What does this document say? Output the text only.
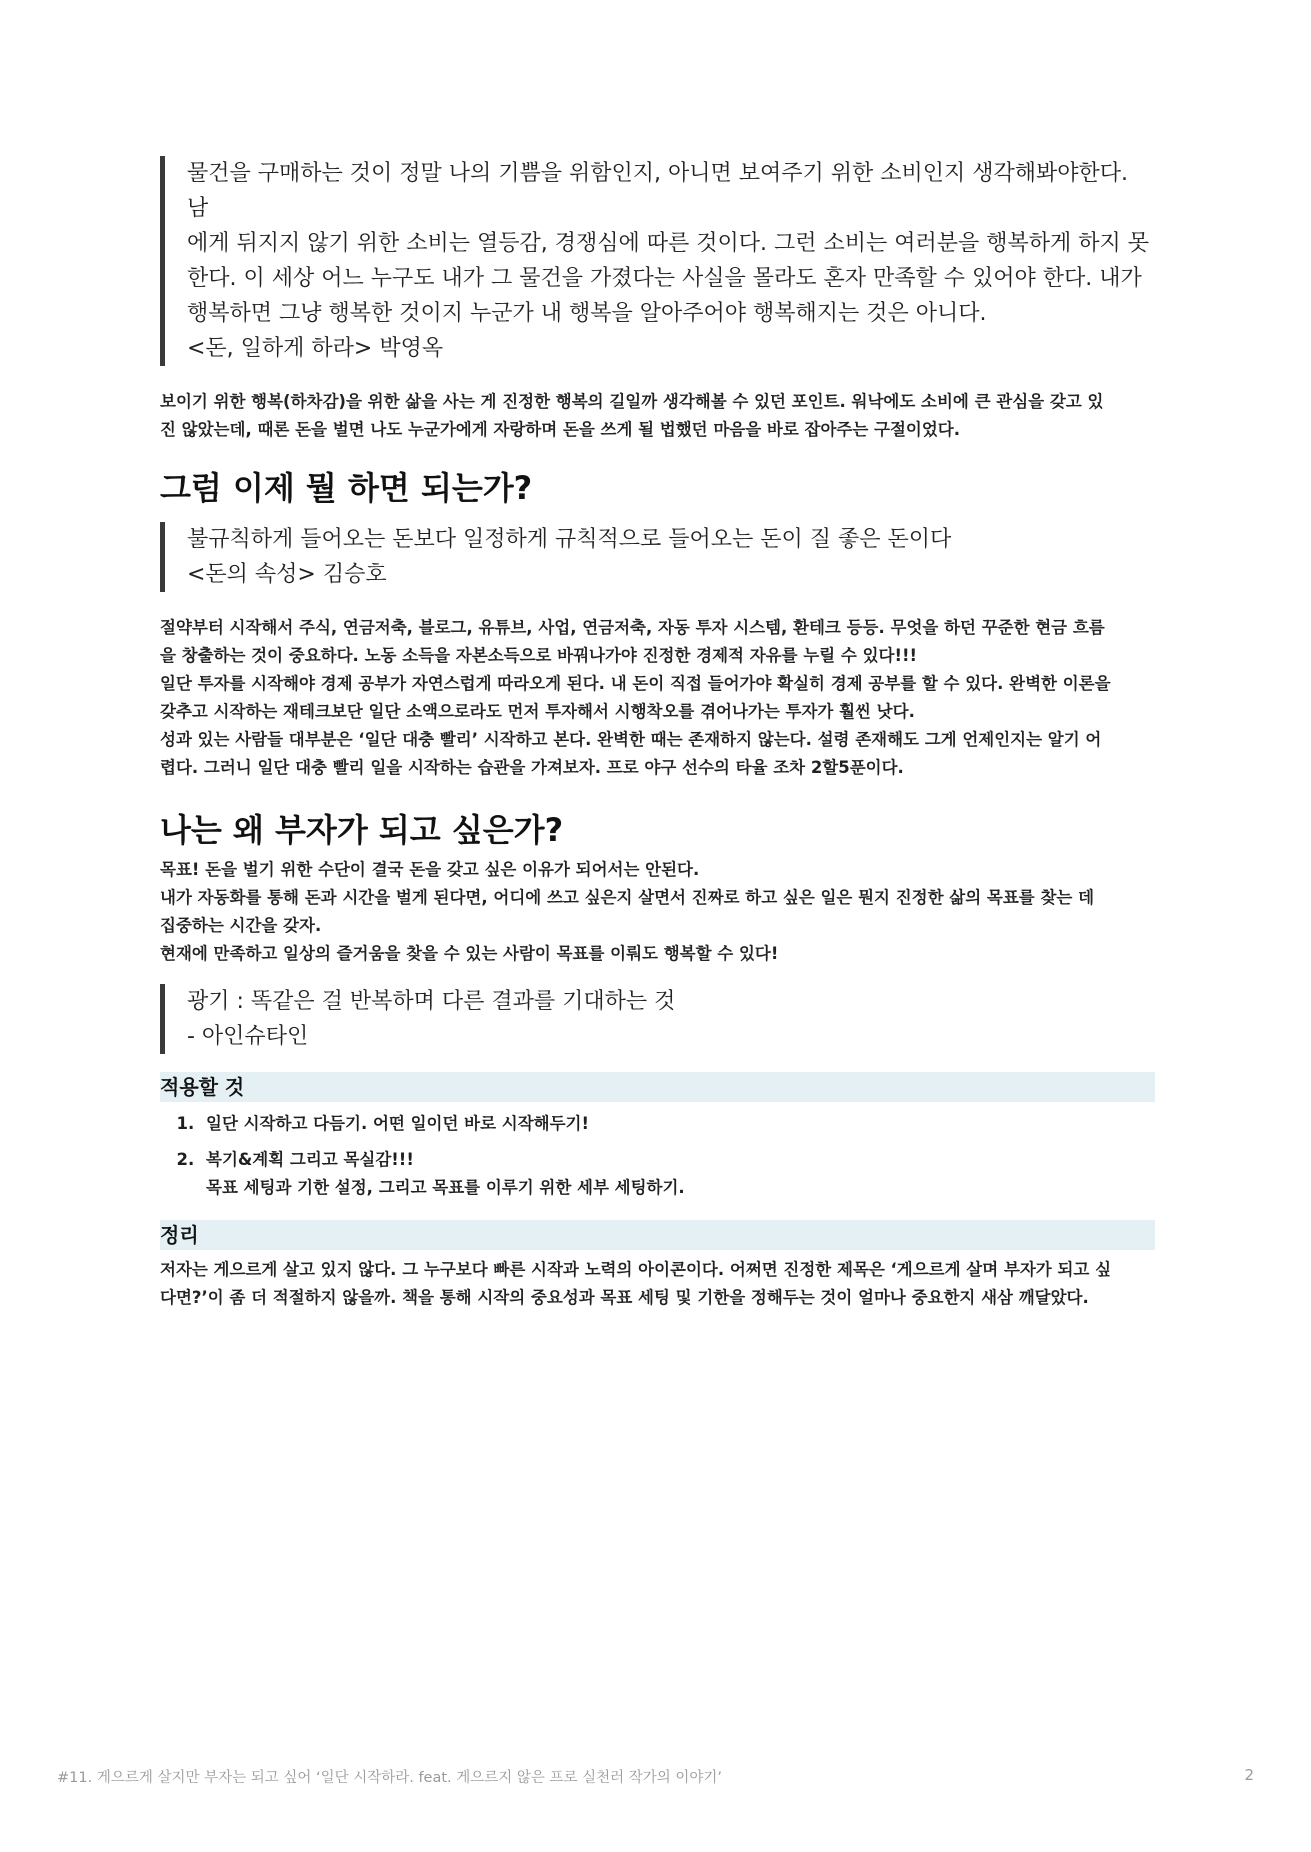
물건을 구매하는 것이 정말 나의 기쁨을 위함인지, 아니면 보여주기 위한 소비인지 생각해봐야한다. 남

에게 뒤지지 않기 위한 소비는 열등감, 경쟁심에 따른 것이다. 그런 소비는 여러분을 행복하게 하지 못

한다. 이 세상 어느 누구도 내가 그 물건을 가졌다는 사실을 몰라도 혼자 만족할 수 있어야 한다. 내가

행복하면 그냥 행복한 것이지 누군가 내 행복을 알아주어야 행복해지는 것은 아니다.

<돈, 일하게 하라> 박영옥

보이기 위한 행복(하차감)을 위한 삶을 사는 게 진정한 행복의 길일까 생각해볼 수 있던 포인트. 워낙에도 소비에 큰 관심을 갖고 있

진 않았는데, 때론 돈을 벌면 나도 누군가에게 자랑하며 돈을 쓰게 될 법했던 마음을 바로 잡아주는 구절이었다.

그럼 이제 뭘 하면 되는가?

불규칙하게 들어오는 돈보다 일정하게 규칙적으로 들어오는 돈이 질 좋은 돈이다

<돈의 속성> 김승호

절약부터 시작해서 주식, 연금저축, 블로그, 유튜브, 사업, 연금저축, 자동 투자 시스템, 환테크 등등. 무엇을 하던 꾸준한 현금 흐름

을 창출하는 것이 중요하다. 노동 소득을 자본소득으로 바꿔나가야 진정한 경제적 자유를 누릴 수 있다!!!

일단 투자를 시작해야 경제 공부가 자연스럽게 따라오게 된다. 내 돈이 직접 들어가야 확실히 경제 공부를 할 수 있다. 완벽한 이론을

갖추고 시작하는 재테크보단 일단 소액으로라도 먼저 투자해서 시행착오를 겪어나가는 투자가 훨씬 낫다.

성과 있는 사람들 대부분은 ‘일단 대충 빨리’ 시작하고 본다. 완벽한 때는 존재하지 않는다. 설령 존재해도 그게 언제인지는 알기 어

렵다. 그러니 일단 대충 빨리 일을 시작하는 습관을 가져보자. 프로 야구 선수의 타율 조차 2할5푼이다.

나는 왜 부자가 되고 싶은가?

목표! 돈을 벌기 위한 수단이 결국 돈을 갖고 싶은 이유가 되어서는 안된다.

내가 자동화를 통해 돈과 시간을 벌게 된다면, 어디에 쓰고 싶은지 살면서 진짜로 하고 싶은 일은 뭔지 진정한 삶의 목표를 찾는 데

집중하는 시간을 갖자.

현재에 만족하고 일상의 즐거움을 찾을 수 있는 사람이 목표를 이뤄도 행복할 수 있다!

광기 : 똑같은 걸 반복하며 다른 결과를 기대하는 것

- 아인슈타인

적용할 것
1. 일단 시작하고 다듬기. 어떤 일이던 바로 시작해두기!
2. 복기&계획 그리고 목실감!!!
목표 세팅과 기한 설정, 그리고 목표를 이루기 위한 세부 세팅하기.
정리

저자는 게으르게 살고 있지 않다. 그 누구보다 빠른 시작과 노력의 아이콘이다. 어쩌면 진정한 제목은 ‘게으르게 살며 부자가 되고 싶

다면?’이 좀 더 적절하지 않을까. 책을 통해 시작의 중요성과 목표 세팅 및 기한을 정해두는 것이 얼마나 중요한지 새삼 깨달았다.

#11. 게으르게 살지만 부자는 되고 싶어 ‘일단 시작하라. feat. 게으르지 않은 프로 실천러 작가의 이야기’	2
